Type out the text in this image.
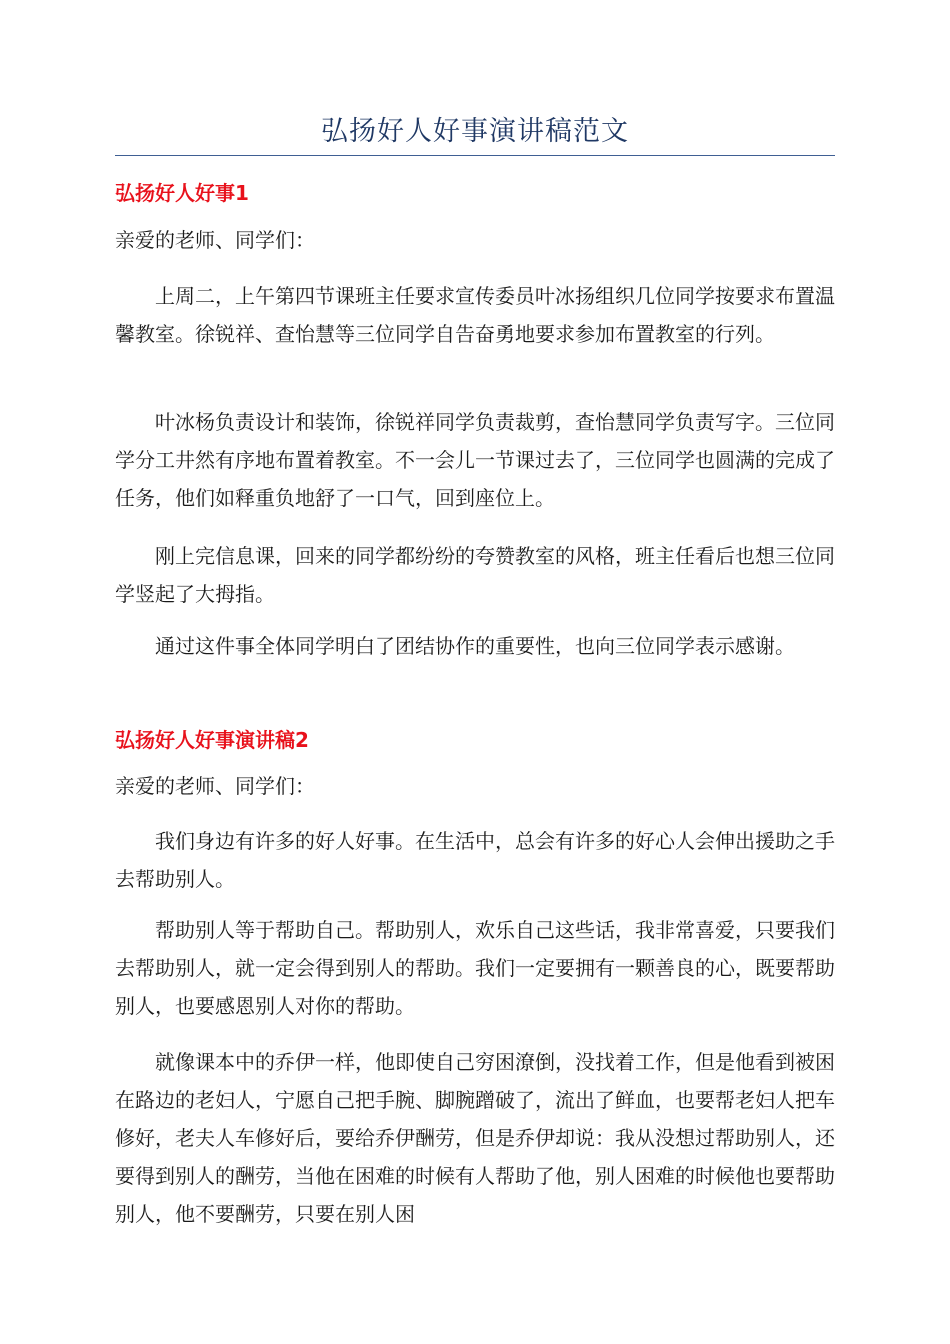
弘扬好人好事演讲稿范文
弘扬好人好事1
亲爱的老师、同学们：

上周二，上午第四节课班主任要求宣传委员叶冰扬组织几位同学按要求布置温馨教室。徐锐祥、查怡慧等三位同学自告奋勇地要求参加布置教室的行列。

叶冰杨负责设计和装饰，徐锐祥同学负责裁剪，查怡慧同学负责写字。三位同学分工井然有序地布置着教室。不一会儿一节课过去了，三位同学也圆满的完成了任务，他们如释重负地舒了一口气，回到座位上。

刚上完信息课，回来的同学都纷纷的夸赞教室的风格，班主任看后也想三位同学竖起了大拇指。

通过这件事全体同学明白了团结协作的重要性，也向三位同学表示感谢。

弘扬好人好事演讲稿2
亲爱的老师、同学们：

我们身边有许多的好人好事。在生活中，总会有许多的好心人会伸出援助之手去帮助别人。

帮助别人等于帮助自己。帮助别人，欢乐自己这些话，我非常喜爱，只要我们去帮助别人，就一定会得到别人的帮助。我们一定要拥有一颗善良的心，既要帮助别人，也要感恩别人对你的帮助。

就像课本中的乔伊一样，他即使自己穷困潦倒，没找着工作，但是他看到被困在路边的老妇人，宁愿自己把手腕、脚腕蹭破了，流出了鲜血，也要帮老妇人把车修好，老夫人车修好后，要给乔伊酬劳，但是乔伊却说：我从没想过帮助别人，还要得到别人的酬劳，当他在困难的时候有人帮助了他，别人困难的时候他也要帮助别人，他不要酬劳，只要在别人困
